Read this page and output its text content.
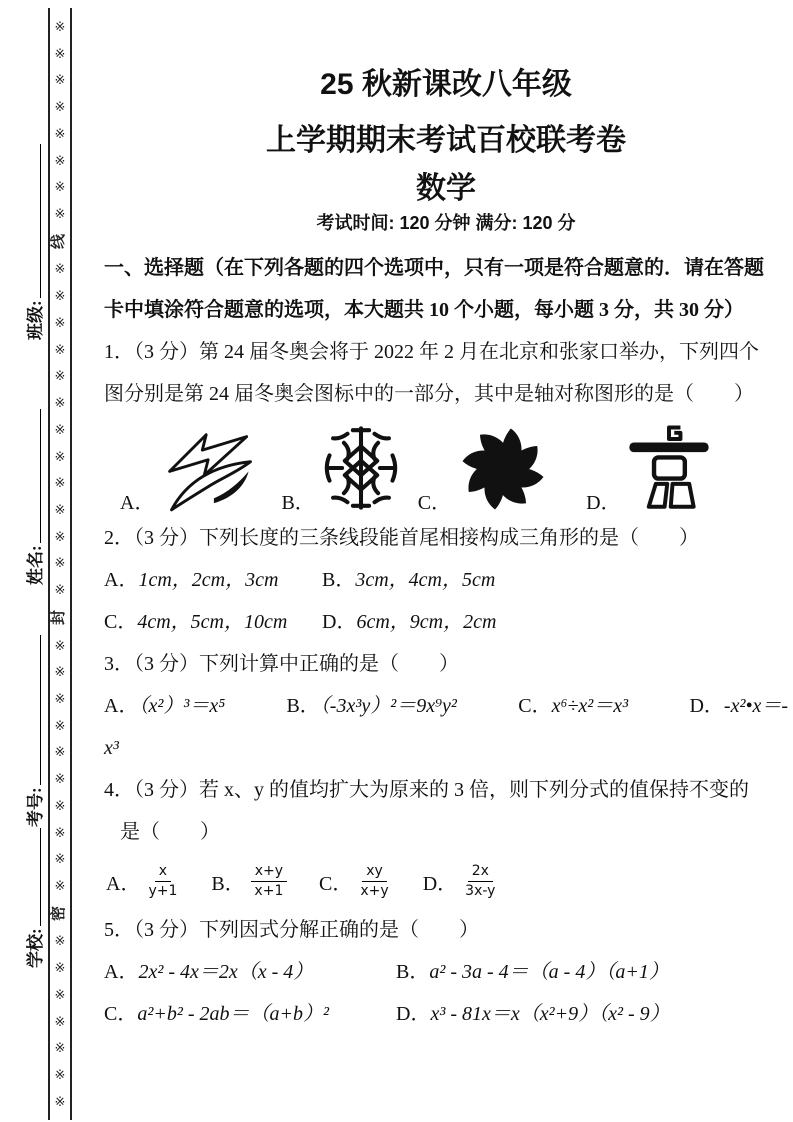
班级:
姓名:
考号:
学校:
※
※
※
※
※
※
※
※
线
※
※
※
※
※
※
※
※
※
※
※
※
※
封
※
※
※
※
※
※
※
※
※
※
密
※
※
※
※
※
※
※
25 秋新课改八年级
上学期期末考试百校联考卷
数学
考试时间: 120 分钟 满分: 120 分
一、选择题（在下列各题的四个选项中，只有一项是符合题意的．请在答题
卡中填涂符合题意的选项，本大题共 10 个小题，每小题 3 分，共 30 分）
1．（3 分）第 24 届冬奥会将于 2022 年 2 月在北京和张家口举办，下列四个
图分别是第 24 届冬奥会图标中的一部分，其中是轴对称图形的是（　　）
A．	B．	C．	D．
2．（3 分）下列长度的三条线段能首尾相接构成三角形的是（　　）
A．1cm，2cm，3cm	B．3cm，4cm，5cm
C．4cm，5cm，10cm	D．6cm，9cm，2cm
3．（3 分）下列计算中正确的是（　　）
A．（x²）³＝x⁵	B．（-3x³y）²＝9x⁹y²	C．x⁶÷x²＝x³	D．-x²•x＝-
x³
4．（3 分）若 x、y 的值均扩大为原来的 3 倍，则下列分式的值保持不变的
是（　　）
A． $\frac{x}{y+1}$ B． $\frac{x+y}{x+1}$ C． $\frac{xy}{x+y}$ D． $\frac{2x}{3x-y}$
5．（3 分）下列因式分解正确的是（　　）
A．2x² - 4x＝2x（x - 4）	B．a² - 3a - 4＝（a - 4）（a+1）
C．a²+b² - 2ab＝（a+b）²	D．x³ - 81x＝x（x²+9）（x² - 9）
